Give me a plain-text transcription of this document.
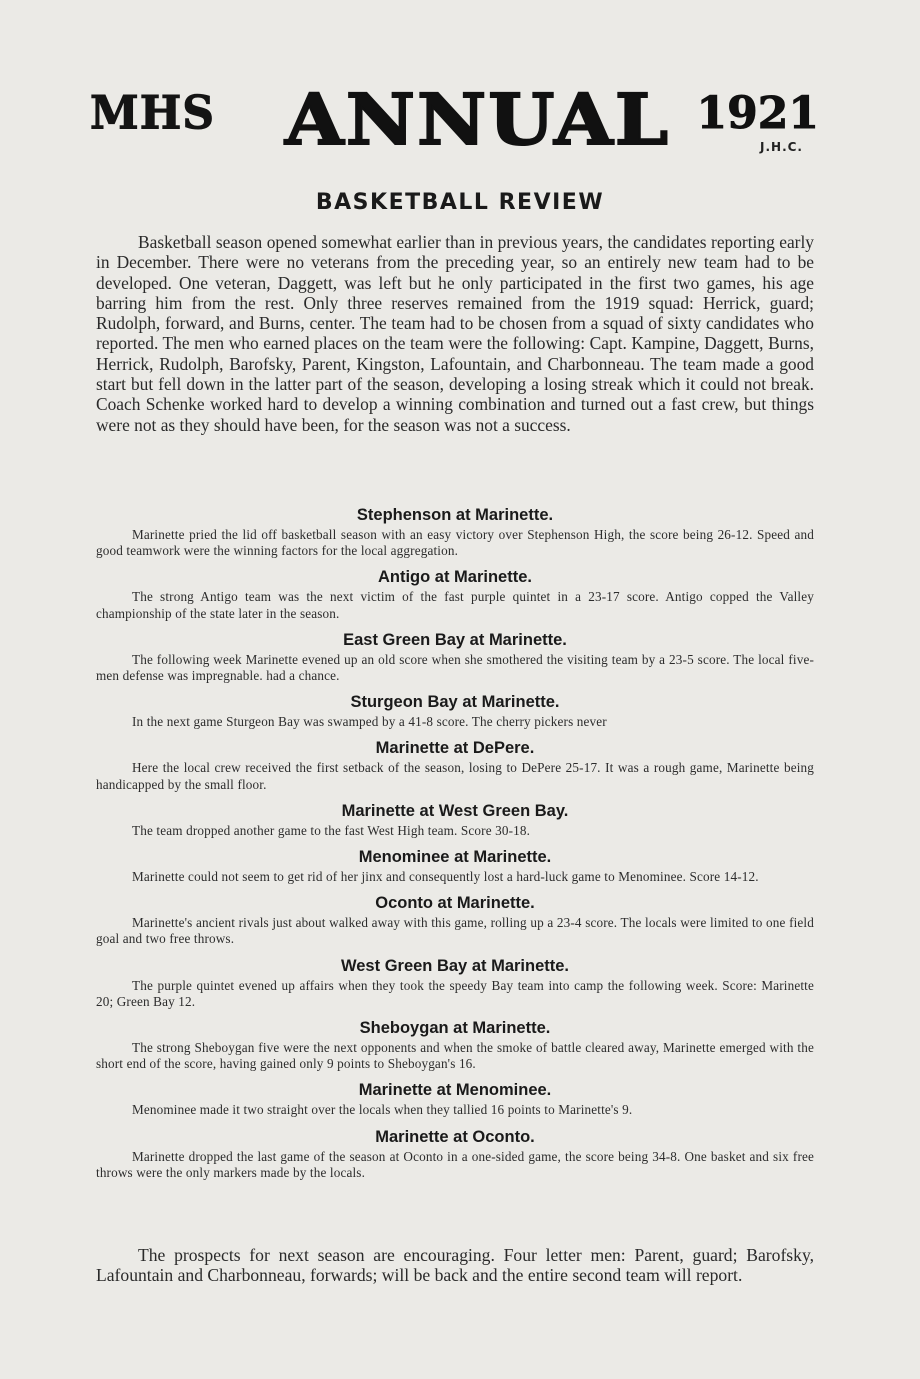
MHS ANNUAL 1921
J.H.C.
BASKETBALL REVIEW

Basketball season opened somewhat earlier than in previous years, the candidates reporting early in December. There were no veterans from the preceding year, so an entirely new team had to be developed. One veteran, Daggett, was left but he only participated in the first two games, his age barring him from the rest. Only three reserves remained from the 1919 squad: Herrick, guard; Rudolph, forward, and Burns, center. The team had to be chosen from a squad of sixty candidates who reported. The men who earned places on the team were the following: Capt. Kampine, Daggett, Burns, Herrick, Rudolph, Barofsky, Parent, Kingston, Lafountain, and Charbonneau. The team made a good start but fell down in the latter part of the season, developing a losing streak which it could not break. Coach Schenke worked hard to develop a winning combination and turned out a fast crew, but things were not as they should have been, for the season was not a success.

Stephenson at Marinette.

Marinette pried the lid off basketball season with an easy victory over Stephenson High, the score being 26-12. Speed and good teamwork were the winning factors for the local aggregation.

Antigo at Marinette.

The strong Antigo team was the next victim of the fast purple quintet in a 23-17 score. Antigo copped the Valley championship of the state later in the season.

East Green Bay at Marinette.

The following week Marinette evened up an old score when she smothered the visiting team by a 23-5 score. The local five-men defense was impregnable. had a chance.

Sturgeon Bay at Marinette.

In the next game Sturgeon Bay was swamped by a 41-8 score. The cherry pickers never

Marinette at DePere.

Here the local crew received the first setback of the season, losing to DePere 25-17. It was a rough game, Marinette being handicapped by the small floor.

Marinette at West Green Bay.

The team dropped another game to the fast West High team. Score 30-18.

Menominee at Marinette.

Marinette could not seem to get rid of her jinx and consequently lost a hard-luck game to Menominee. Score 14-12.

Oconto at Marinette.

Marinette's ancient rivals just about walked away with this game, rolling up a 23-4 score. The locals were limited to one field goal and two free throws.

West Green Bay at Marinette.

The purple quintet evened up affairs when they took the speedy Bay team into camp the following week. Score: Marinette 20; Green Bay 12.

Sheboygan at Marinette.

The strong Sheboygan five were the next opponents and when the smoke of battle cleared away, Marinette emerged with the short end of the score, having gained only 9 points to Sheboygan's 16.

Marinette at Menominee.

Menominee made it two straight over the locals when they tallied 16 points to Marinette's 9.

Marinette at Oconto.

Marinette dropped the last game of the season at Oconto in a one-sided game, the score being 34-8. One basket and six free throws were the only markers made by the locals.

The prospects for next season are encouraging. Four letter men: Parent, guard; Barofsky, Lafountain and Charbonneau, forwards; will be back and the entire second team will report.
